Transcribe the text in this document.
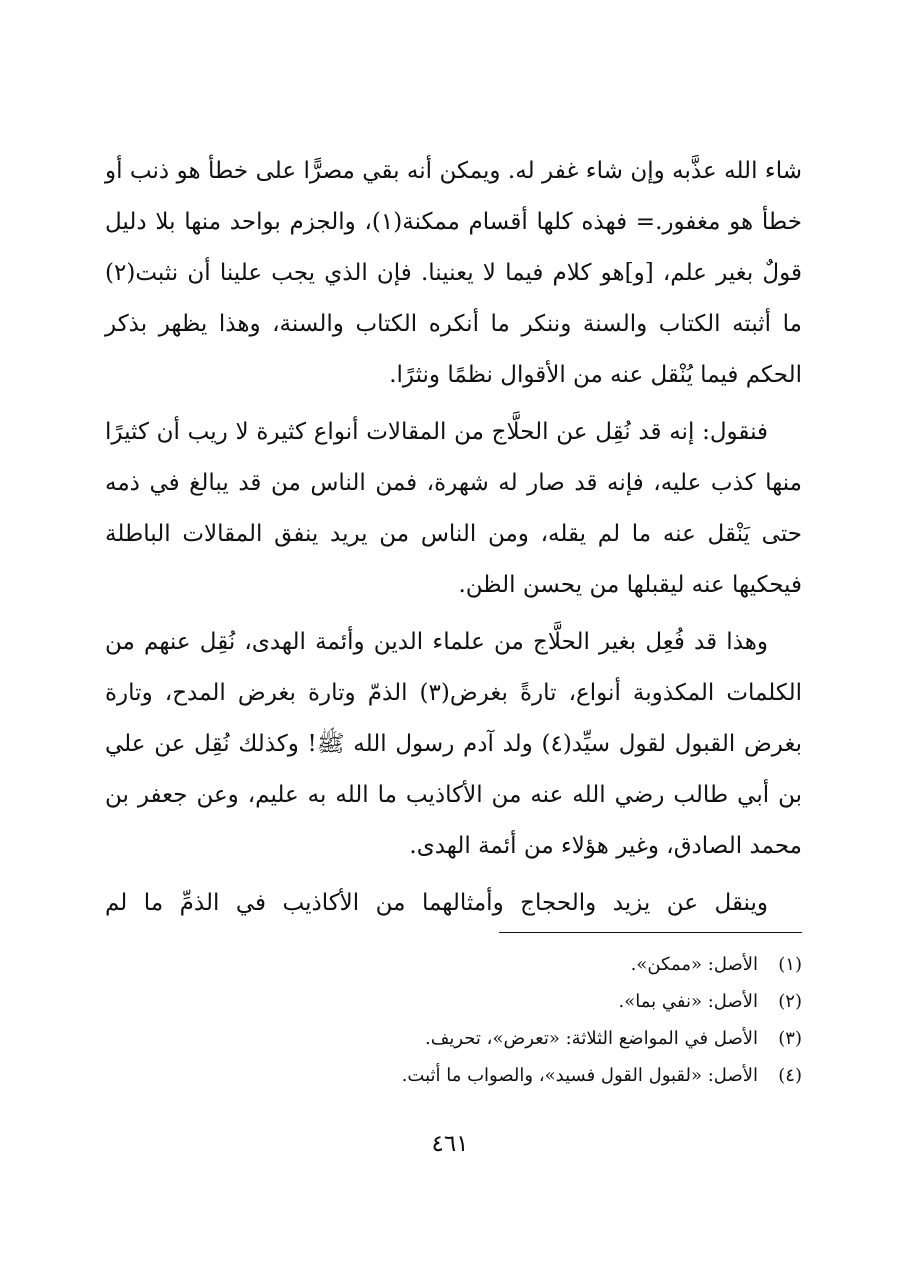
شاء الله عذَّبه وإن شاء غفر له. ويمكن أنه بقي مصرًّا على خطأ هو ذنب أو خطأ هو مغفور.= فهذه كلها أقسام ممكنة(١)، والجزم بواحد منها بلا دليل قولٌ بغير علم، [و]هو كلام فيما لا يعنينا. فإن الذي يجب علينا أن نثبت(٢) ما أثبته الكتاب والسنة وننكر ما أنكره الكتاب والسنة، وهذا يظهر بذكر الحكم فيما يُنْقل عنه من الأقوال نظمًا ونثرًا.

فنقول: إنه قد نُقِل عن الحلَّاج من المقالات أنواع كثيرة لا ريب أن كثيرًا منها كذب عليه، فإنه قد صار له شهرة، فمن الناس من قد يبالغ في ذمه حتى يَنْقل عنه ما لم يقله، ومن الناس من يريد ينفق المقالات الباطلة فيحكيها عنه ليقبلها من يحسن الظن.

وهذا قد فُعِل بغير الحلَّاج من علماء الدين وأئمة الهدى، نُقِل عنهم من الكلمات المكذوبة أنواع، تارةً بغرض(٣) الذمّ وتارة بغرض المدح، وتارة بغرض القبول لقول سيِّد(٤) ولد آدم رسول الله ﷺ! وكذلك نُقِل عن علي بن أبي طالب رضي الله عنه من الأكاذيب ما الله به عليم، وعن جعفر بن محمد الصادق، وغير هؤلاء من أئمة الهدى.

وينقل عن يزيد والحجاج وأمثالهما من الأكاذيب في الذمِّ ما لم

(١)
الأصل: «ممكن».
(٢)
الأصل: «نفي بما».
(٣)
الأصل في المواضع الثلاثة: «تعرض»، تحريف.
(٤)
الأصل: «لقبول القول فسيد»، والصواب ما أثبت.
٤٦١
